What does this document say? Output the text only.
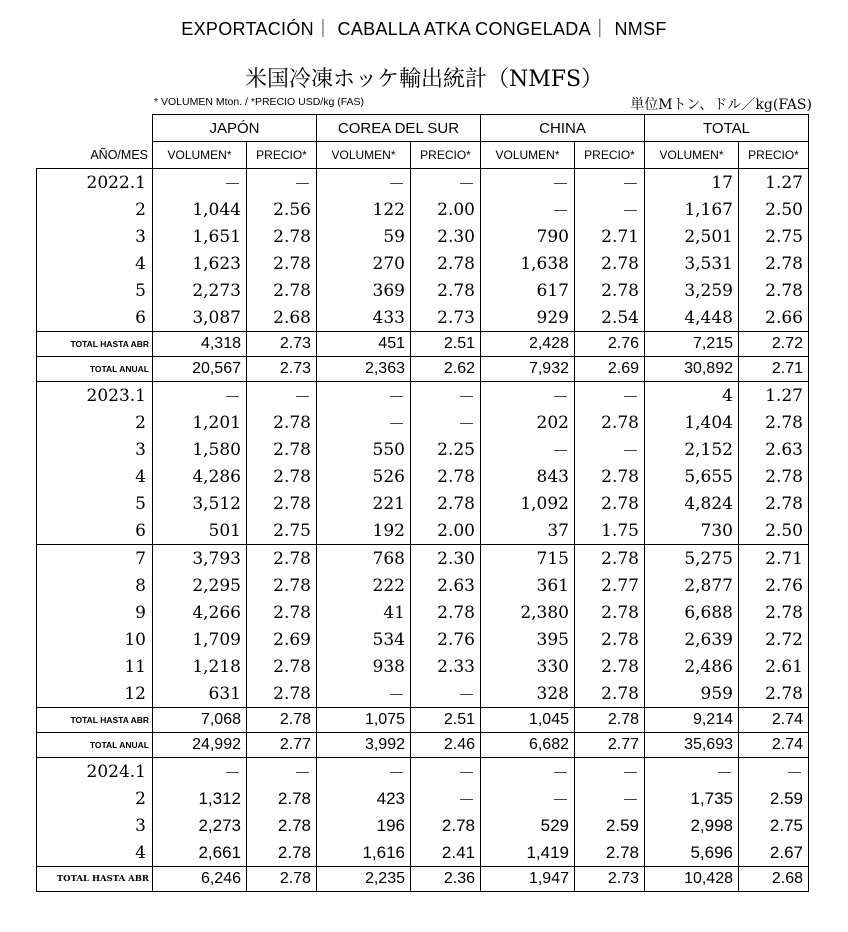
EXPORTACIÓN｜ CABALLA ATKA CONGELADA｜ NMSF
米国冷凍ホッケ輸出統計（NMFS）
* VOLUMEN Mton. / *PRECIO USD/kg (FAS)	単位Mトン、ドル／kg(FAS)
	JAPÓN		COREA DEL SUR		CHINA		TOTAL	
AÑO/MES	VOLUMEN*	PRECIO*	VOLUMEN*	PRECIO*	VOLUMEN*	PRECIO*	VOLUMEN*	PRECIO*
2022.1	－	－	－	－	－	－	17	1.27
2	1,044	2.56	122	2.00	－	－	1,167	2.50
3	1,651	2.78	59	2.30	790	2.71	2,501	2.75
4	1,623	2.78	270	2.78	1,638	2.78	3,531	2.78
5	2,273	2.78	369	2.78	617	2.78	3,259	2.78
6	3,087	2.68	433	2.73	929	2.54	4,448	2.66
TOTAL HASTA ABR	4,318	2.73	451	2.51	2,428	2.76	7,215	2.72
TOTAL ANUAL	20,567	2.73	2,363	2.62	7,932	2.69	30,892	2.71
2023.1	－	－	－	－	－	－	4	1.27
2	1,201	2.78	－	－	202	2.78	1,404	2.78
3	1,580	2.78	550	2.25	－	－	2,152	2.63
4	4,286	2.78	526	2.78	843	2.78	5,655	2.78
5	3,512	2.78	221	2.78	1,092	2.78	4,824	2.78
6	501	2.75	192	2.00	37	1.75	730	2.50
7	3,793	2.78	768	2.30	715	2.78	5,275	2.71
8	2,295	2.78	222	2.63	361	2.77	2,877	2.76
9	4,266	2.78	41	2.78	2,380	2.78	6,688	2.78
10	1,709	2.69	534	2.76	395	2.78	2,639	2.72
11	1,218	2.78	938	2.33	330	2.78	2,486	2.61
12	631	2.78	－	－	328	2.78	959	2.78
TOTAL HASTA ABR	7,068	2.78	1,075	2.51	1,045	2.78	9,214	2.74
TOTAL ANUAL	24,992	2.77	3,992	2.46	6,682	2.77	35,693	2.74
2024.1	－	－	－	－	－	－	－	－
2	1,312	2.78	423	－	－	－	1,735	2.59
3	2,273	2.78	196	2.78	529	2.59	2,998	2.75
4	2,661	2.78	1,616	2.41	1,419	2.78	5,696	2.67
TOTAL HASTA ABR	6,246	2.78	2,235	2.36	1,947	2.73	10,428	2.68
